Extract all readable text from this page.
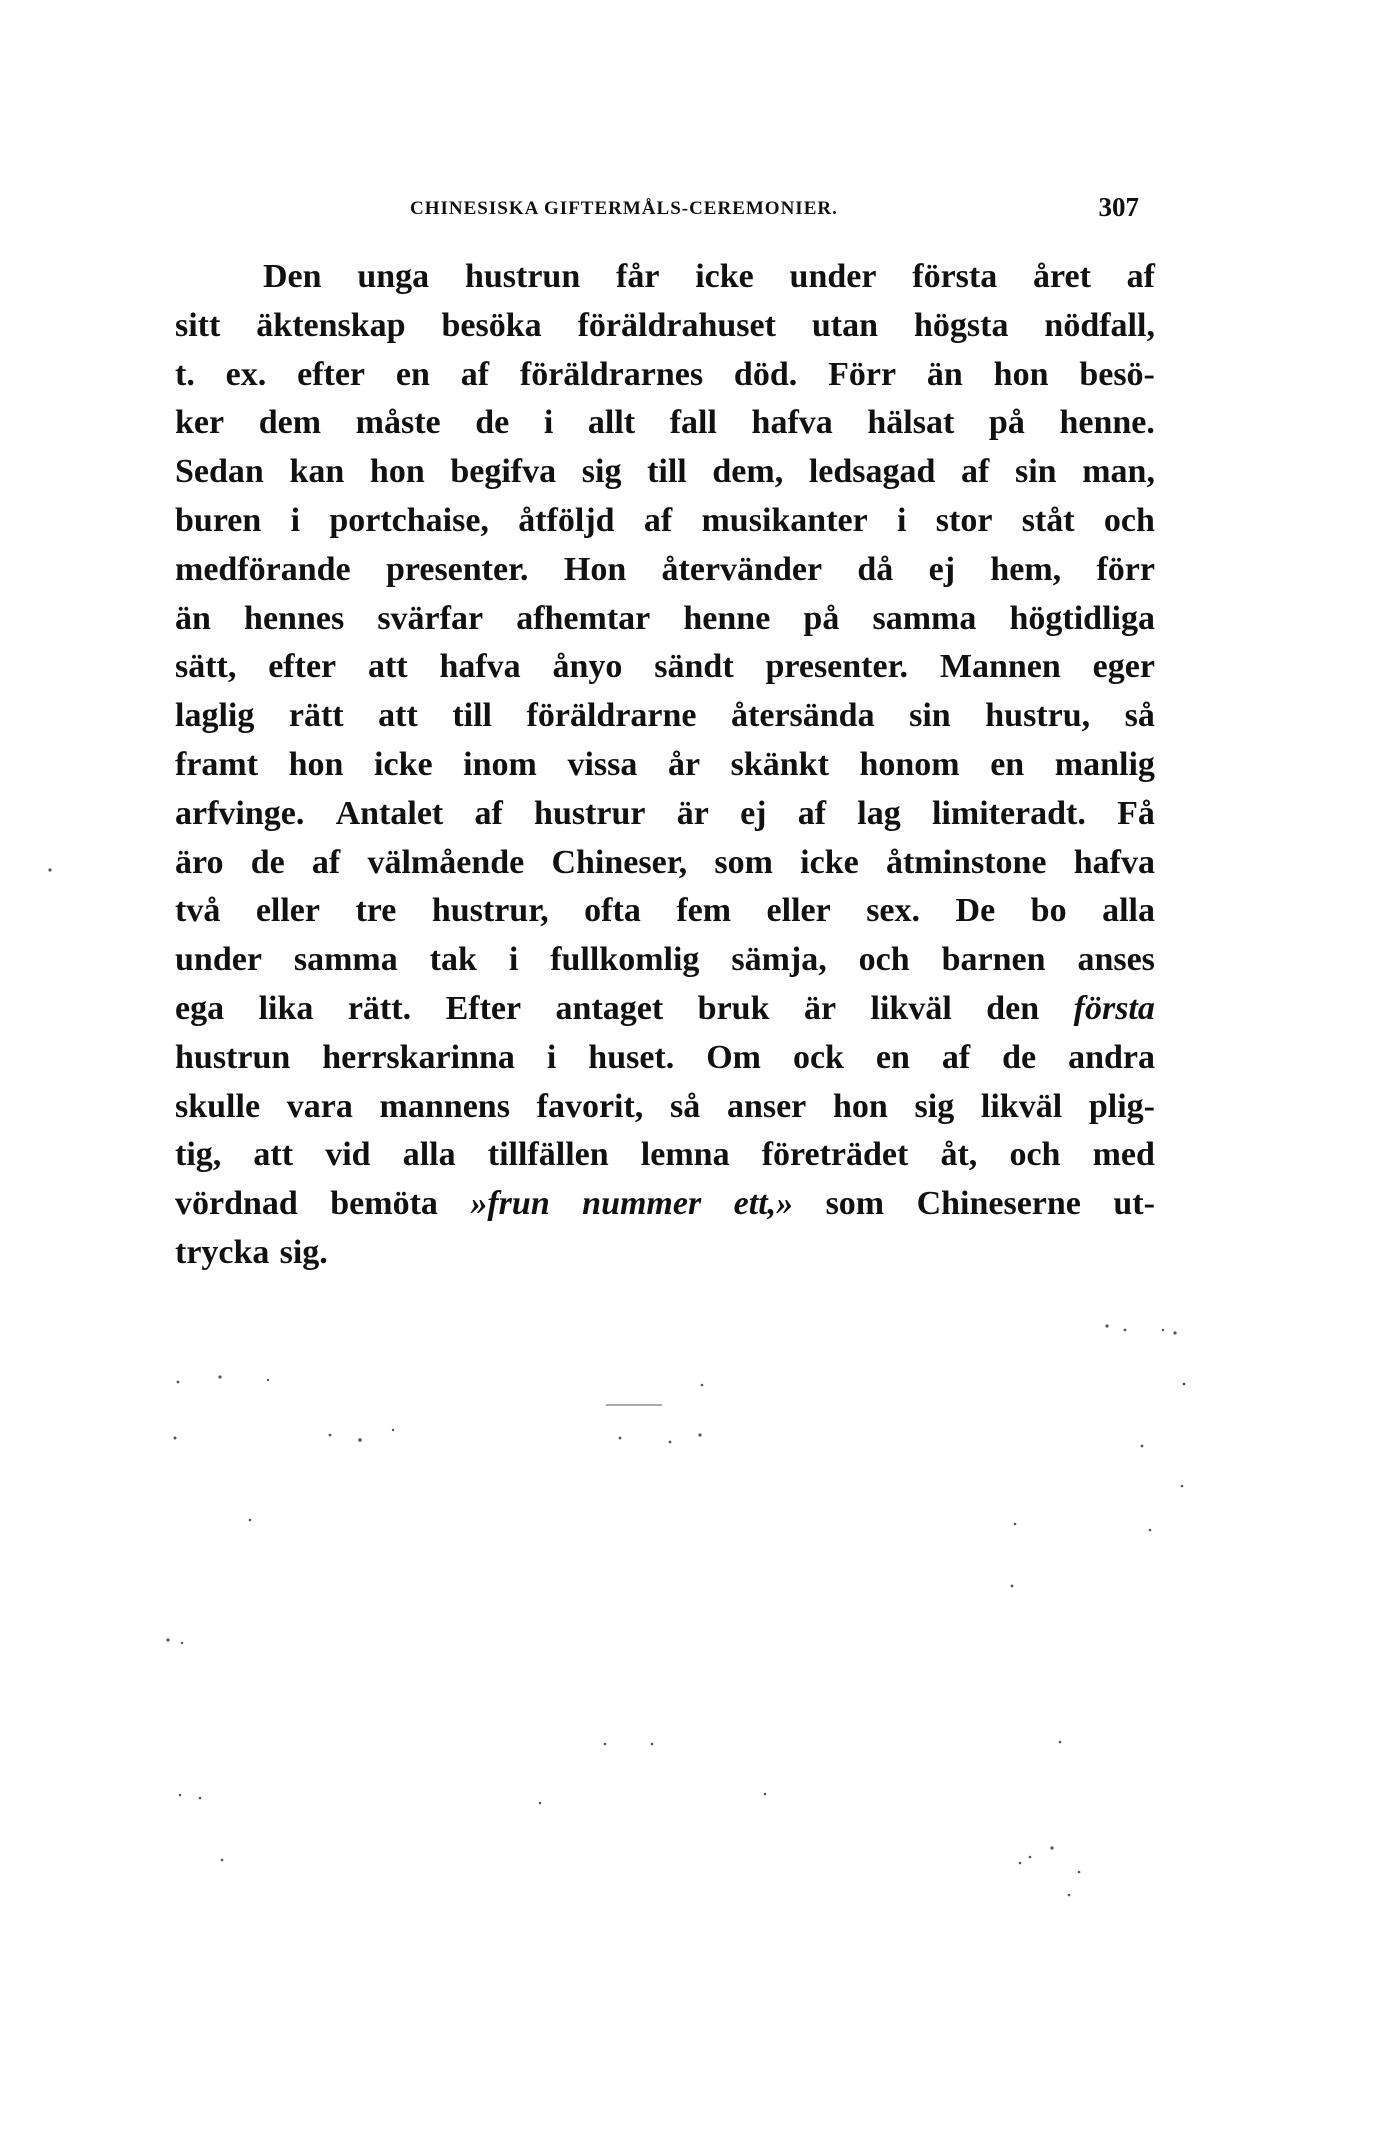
CHINESISKA GIFTERMÅLS-CEREMONIER.	307
Den unga hustrun får icke under första året af
sitt äktenskap besöka föräldrahuset utan högsta nödfall,
t. ex. efter en af föräldrarnes död. Förr än hon besö-
ker dem måste de i allt fall hafva hälsat på henne.
Sedan kan hon begifva sig till dem, ledsagad af sin man,
buren i portchaise, åtföljd af musikanter i stor ståt och
medförande presenter. Hon återvänder då ej hem, förr
än hennes svärfar afhemtar henne på samma högtidliga
sätt, efter att hafva ånyo sändt presenter. Mannen eger
laglig rätt att till föräldrarne återsända sin hustru, så
framt hon icke inom vissa år skänkt honom en manlig
arfvinge. Antalet af hustrur är ej af lag limiteradt. Få
äro de af välmående Chineser, som icke åtminstone hafva
två eller tre hustrur, ofta fem eller sex. De bo alla
under samma tak i fullkomlig sämja, och barnen anses
ega lika rätt. Efter antaget bruk är likväl den första
hustrun herrskarinna i huset. Om ock en af de andra
skulle vara mannens favorit, så anser hon sig likväl plig-
tig, att vid alla tillfällen lemna företrädet åt, och med
vördnad bemöta »frun nummer ett,» som Chineserne ut-
trycka sig.
